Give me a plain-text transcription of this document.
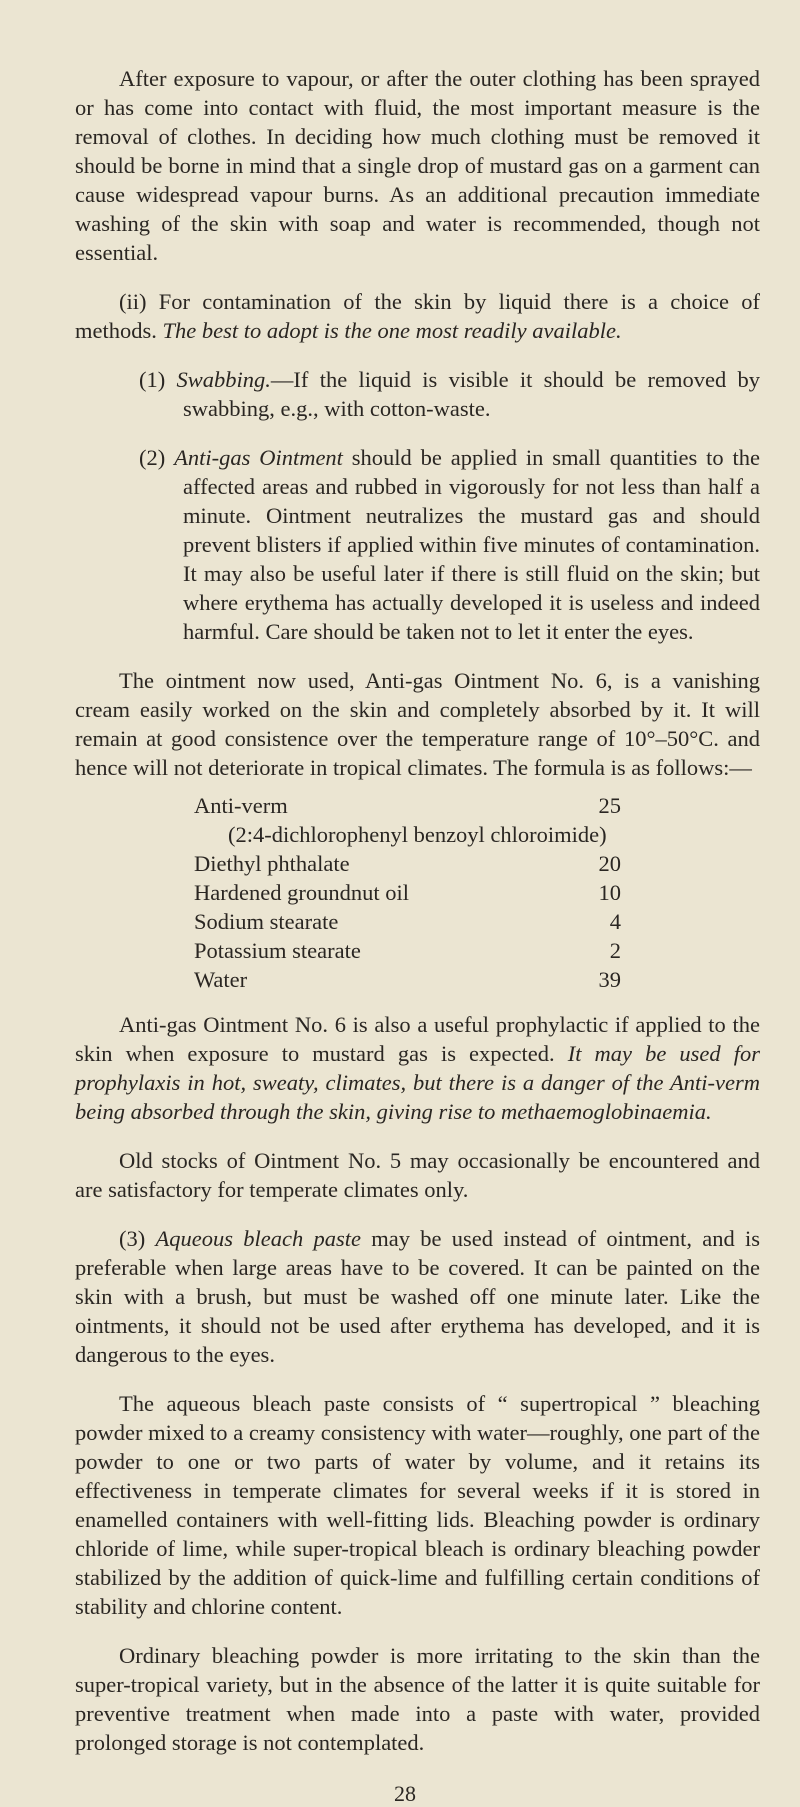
After exposure to vapour, or after the outer clothing has been sprayed or has come into contact with fluid, the most important measure is the removal of clothes. In deciding how much clothing must be removed it should be borne in mind that a single drop of mustard gas on a garment can cause widespread vapour burns. As an additional precaution immediate washing of the skin with soap and water is recommended, though not essential.

(ii) For contamination of the skin by liquid there is a choice of methods. The best to adopt is the one most readily available.

(1) Swabbing.—If the liquid is visible it should be removed by swabbing, e.g., with cotton-waste.

(2) Anti-gas Ointment should be applied in small quantities to the affected areas and rubbed in vigorously for not less than half a minute. Ointment neutralizes the mustard gas and should prevent blisters if applied within five minutes of contamination. It may also be useful later if there is still fluid on the skin; but where erythema has actually developed it is useless and indeed harmful. Care should be taken not to let it enter the eyes.

The ointment now used, Anti-gas Ointment No. 6, is a vanishing cream easily worked on the skin and completely absorbed by it. It will remain at good consistence over the temperature range of 10°–50°C. and hence will not deteriorate in tropical climates. The formula is as follows:—

Anti-verm	25
(2:4-dichlorophenyl benzoyl chloroimide)	
Diethyl phthalate	20
Hardened groundnut oil	10
Sodium stearate	4
Potassium stearate	2
Water	39

Anti-gas Ointment No. 6 is also a useful prophylactic if applied to the skin when exposure to mustard gas is expected. It may be used for prophylaxis in hot, sweaty, climates, but there is a danger of the Anti-verm being absorbed through the skin, giving rise to methaemoglobinaemia.

Old stocks of Ointment No. 5 may occasionally be encountered and are satisfactory for temperate climates only.

(3) Aqueous bleach paste may be used instead of ointment, and is preferable when large areas have to be covered. It can be painted on the skin with a brush, but must be washed off one minute later. Like the ointments, it should not be used after erythema has developed, and it is dangerous to the eyes.

The aqueous bleach paste consists of “ supertropical ” bleaching powder mixed to a creamy consistency with water—roughly, one part of the powder to one or two parts of water by volume, and it retains its effectiveness in temperate climates for several weeks if it is stored in enamelled containers with well-fitting lids. Bleaching powder is ordinary chloride of lime, while super-tropical bleach is ordinary bleaching powder stabilized by the addition of quick-lime and fulfilling certain conditions of stability and chlorine content.

Ordinary bleaching powder is more irritating to the skin than the super-tropical variety, but in the absence of the latter it is quite suitable for preventive treatment when made into a paste with water, provided prolonged storage is not contemplated.

28
